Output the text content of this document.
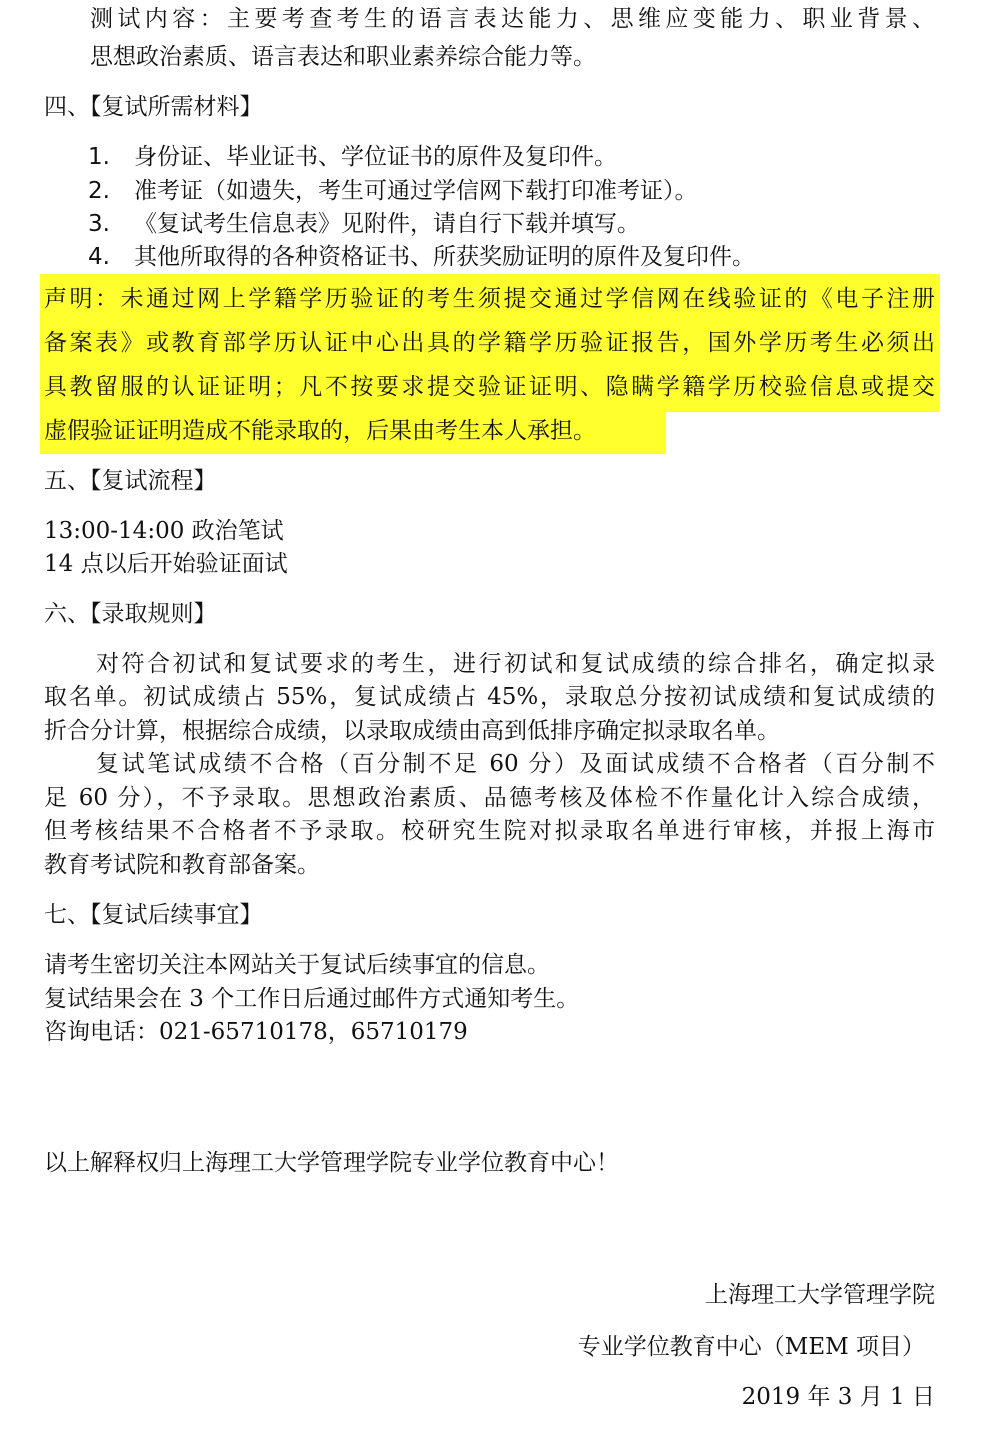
测试内容：主要考查考生的语言表达能力、思维应变能力、职业背景、
思想政治素质、语言表达和职业素养综合能力等。
四、【复试所需材料】
1.	身份证、毕业证书、学位证书的原件及复印件。
2.	准考证（如遗失，考生可通过学信网下载打印准考证）。
3.	《复试考生信息表》见附件，请自行下载并填写。
4.	其他所取得的各种资格证书、所获奖励证明的原件及复印件。
声明：未通过网上学籍学历验证的考生须提交通过学信网在线验证的《电子注册
备案表》或教育部学历认证中心出具的学籍学历验证报告，国外学历考生必须出
具教留服的认证证明；凡不按要求提交验证证明、隐瞒学籍学历校验信息或提交
虚假验证证明造成不能录取的，后果由考生本人承担。
五、【复试流程】
13:00-14:00 政治笔试
14 点以后开始验证面试
六、【录取规则】
对符合初试和复试要求的考生，进行初试和复试成绩的综合排名，确定拟录
取名单。初试成绩占 55%，复试成绩占 45%，录取总分按初试成绩和复试成绩的
折合分计算，根据综合成绩，以录取成绩由高到低排序确定拟录取名单。
复试笔试成绩不合格（百分制不足 60 分）及面试成绩不合格者（百分制不
足 60 分），不予录取。思想政治素质、品德考核及体检不作量化计入综合成绩，
但考核结果不合格者不予录取。校研究生院对拟录取名单进行审核，并报上海市
教育考试院和教育部备案。
七、【复试后续事宜】
请考生密切关注本网站关于复试后续事宜的信息。
复试结果会在 3 个工作日后通过邮件方式通知考生。
咨询电话：021-65710178，65710179
以上解释权归上海理工大学管理学院专业学位教育中心！
上海理工大学管理学院
专业学位教育中心（MEM 项目）
2019 年 3 月 1 日
